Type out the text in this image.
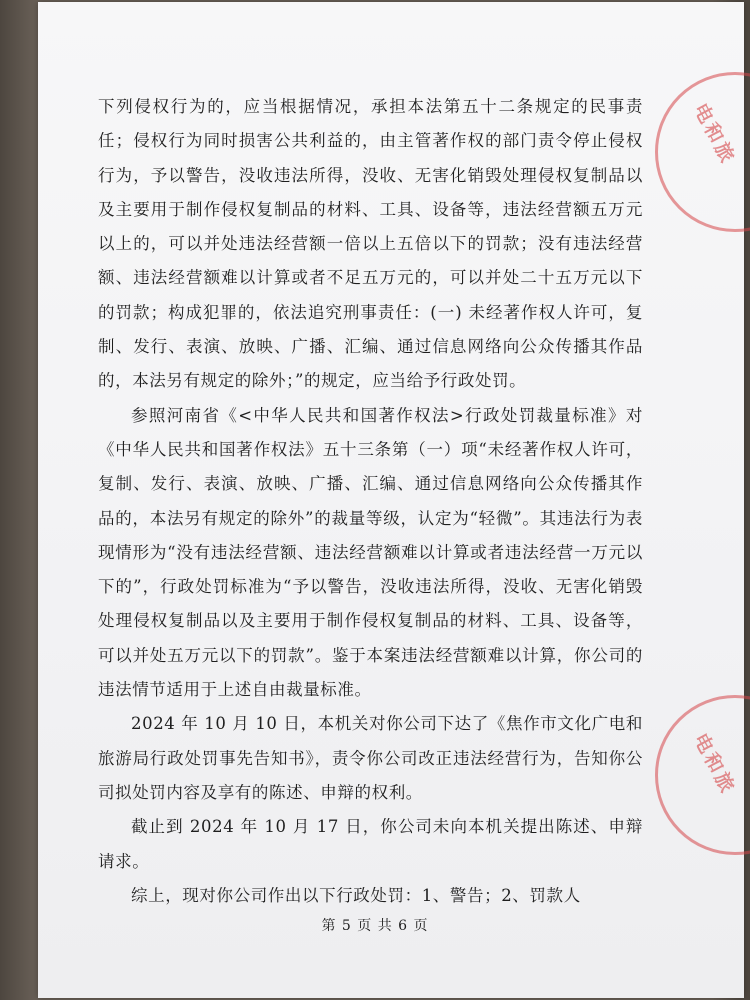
电和旅
电和旅

下列侵权行为的，应当根据情况，承担本法第五十二条规定的民事责任；侵权行为同时损害公共利益的，由主管著作权的部门责令停止侵权行为，予以警告，没收违法所得，没收、无害化销毁处理侵权复制品以及主要用于制作侵权复制品的材料、工具、设备等，违法经营额五万元以上的，可以并处违法经营额一倍以上五倍以下的罚款；没有违法经营额、违法经营额难以计算或者不足五万元的，可以并处二十五万元以下的罚款；构成犯罪的，依法追究刑事责任：(一) 未经著作权人许可，复制、发行、表演、放映、广播、汇编、通过信息网络向公众传播其作品的，本法另有规定的除外；”的规定，应当给予行政处罚。

参照河南省《<中华人民共和国著作权法>行政处罚裁量标准》对《中华人民共和国著作权法》五十三条第（一）项“未经著作权人许可，复制、发行、表演、放映、广播、汇编、通过信息网络向公众传播其作品的，本法另有规定的除外”的裁量等级，认定为“轻微”。其违法行为表现情形为“没有违法经营额、违法经营额难以计算或者违法经营一万元以下的”，行政处罚标准为“予以警告，没收违法所得，没收、无害化销毁处理侵权复制品以及主要用于制作侵权复制品的材料、工具、设备等，可以并处五万元以下的罚款”。鉴于本案违法经营额难以计算，你公司的违法情节适用于上述自由裁量标准。

2024 年 10 月 10 日，本机关对你公司下达了《焦作市文化广电和旅游局行政处罚事先告知书》，责令你公司改正违法经营行为，告知你公司拟处罚内容及享有的陈述、申辩的权利。

截止到 2024 年 10 月 17 日，你公司未向本机关提出陈述、申辩请求。

综上，现对你公司作出以下行政处罚：1、警告；2、罚款人

第 5 页 共 6 页
